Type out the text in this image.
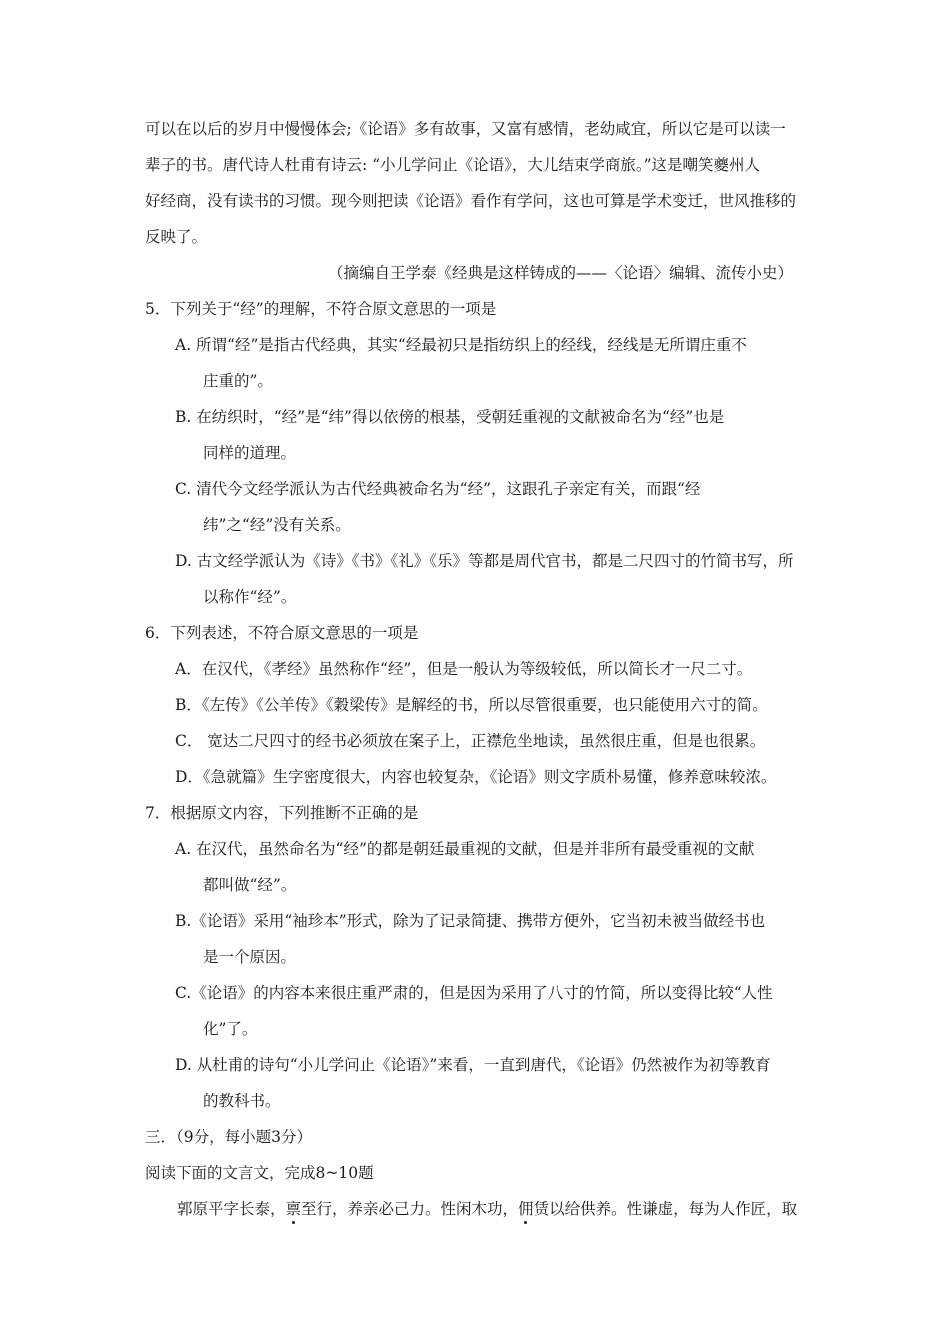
可以在以后的岁月中慢慢体会;《论语》多有故事，又富有感情，老幼咸宜，所以它是可以读一
辈子的书。唐代诗人杜甫有诗云: “小儿学问止《论语》，大儿结束学商旅。”这是嘲笑夔州人
好经商，没有读书的习惯。现今则把读《论语》看作有学问，这也可算是学术变迁，世风推移的
反映了。
（摘编自王学泰《经典是这样铸成的——〈论语〉编辑、流传小史）
5．下列关于“经”的理解，不符合原文意思的一项是
A. 所谓“经”是指古代经典，其实“经最初只是指纺织上的经线，经线是无所谓庄重不
庄重的”。
B. 在纺织时，“经”是“纬”得以依傍的根基，受朝廷重视的文献被命名为“经”也是
同样的道理。
C. 清代今文经学派认为古代经典被命名为“经”，这跟孔子亲定有关，而跟“经
纬”之“经”没有关系。
D. 古文经学派认为《诗》《书》《礼》《乐》等都是周代官书，都是二尺四寸的竹简书写，所
以称作“经”。
6．下列表述，不符合原文意思的一项是
A．在汉代，《孝经》虽然称作“经”，但是一般认为等级较低，所以简长才一尺二寸。
B．《左传》《公羊传》《穀梁传》是解经的书，所以尽管很重要，也只能使用六寸的简。
C． 宽达二尺四寸的经书必须放在案子上，正襟危坐地读，虽然很庄重，但是也很累。
D．《急就篇》生字密度很大，内容也较复杂，《论语》则文字质朴易懂，修养意味较浓。
7．根据原文内容，下列推断不正确的是
A. 在汉代，虽然命名为“经”的都是朝廷最重视的文献，但是并非所有最受重视的文献
都叫做“经”。
B.《论语》采用“袖珍本”形式，除为了记录简捷、携带方便外，它当初未被当做经书也
是一个原因。
C.《论语》的内容本来很庄重严肃的，但是因为采用了八寸的竹简，所以变得比较“人性
化”了。
D. 从杜甫的诗句“小儿学问止《论语》”来看，一直到唐代，《论语》仍然被作为初等教育
的教科书。
三．（9分，每小题3分）
阅读下面的文言文，完成8~10题
郭原平字长泰，禀至行，养亲必己力。性闲木功，佣赁以给供养。性谦虚，每为人作匠，取
